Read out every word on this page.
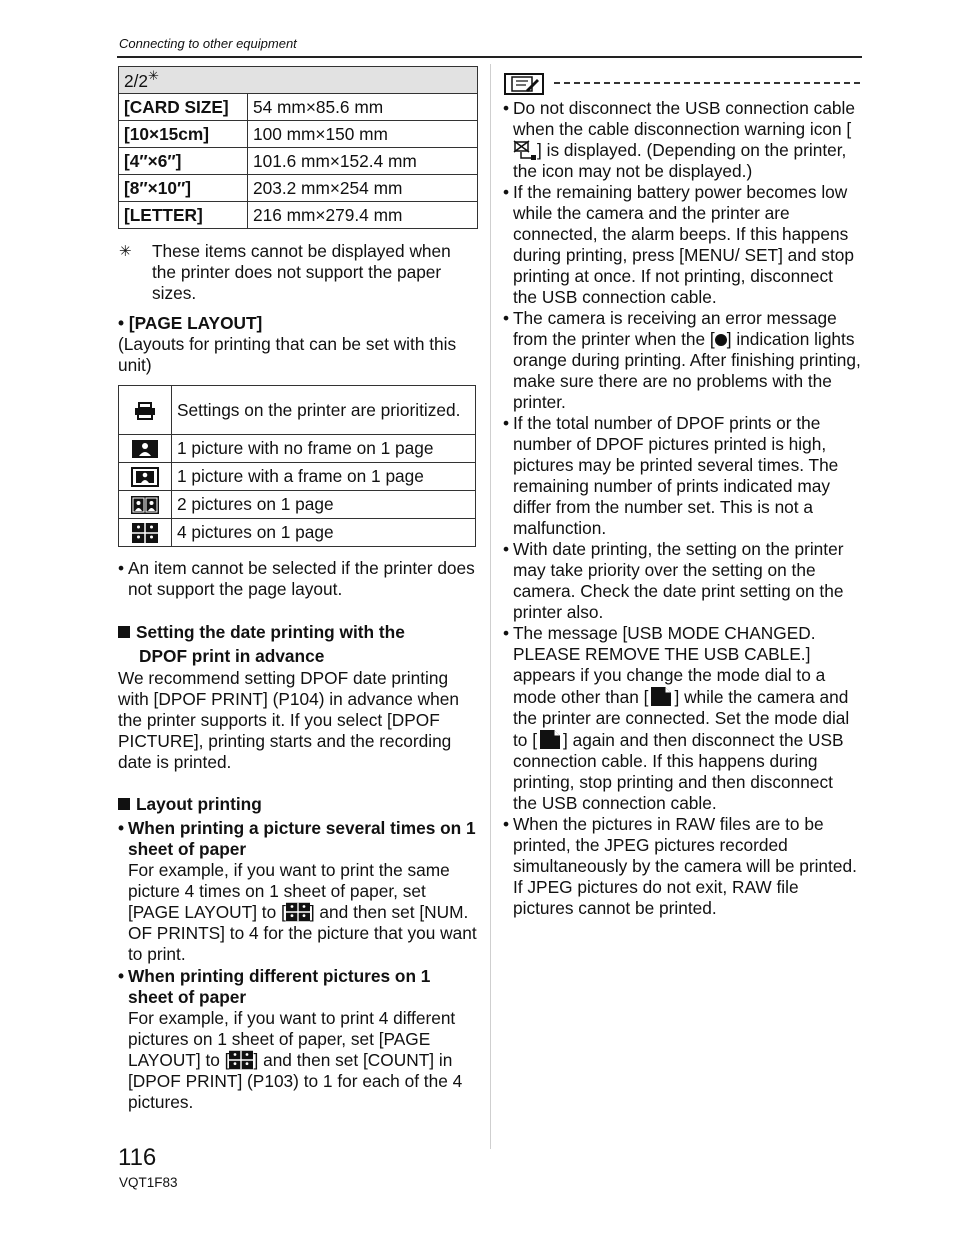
Connecting to other equipment
2/2✳
[CARD SIZE]	54 mm×85.6 mm
[10×15cm]	100 mm×150 mm
[4″×6″]	101.6 mm×152.4 mm
[8″×10″]	203.2 mm×254 mm
[LETTER]	216 mm×279.4 mm
✳ These items cannot be displayed when the printer does not support the paper sizes.
• [PAGE LAYOUT]
(Layouts for printing that can be set with this unit)
	Settings on the printer are prioritized.
	1 picture with no frame on 1 page
	1 picture with a frame on 1 page
	2 pictures on 1 page
	4 pictures on 1 page
• An item cannot be selected if the printer does not support the page layout.
Setting the date printing with the
DPOF print in advance
We recommend setting DPOF date printing with [DPOF PRINT] (P104) in advance when the printer supports it. If you select [DPOF PICTURE], printing starts and the recording date is printed.
Layout printing
• When printing a picture several times on 1 sheet of paper
For example, if you want to print the same picture 4 times on 1 sheet of paper, set [PAGE LAYOUT] to [ ] and then set [NUM. OF PRINTS] to 4 for the picture that you want to print.
• When printing different pictures on 1 sheet of paper
For example, if you want to print 4 different pictures on 1 sheet of paper, set [PAGE LAYOUT] to [ ] and then set [COUNT] in [DPOF PRINT] (P103) to 1 for each of the 4 pictures.
• Do not disconnect the USB connection cable when the cable disconnection warning icon [] is displayed. (Depending on the printer, the icon may not be displayed.)
• If the remaining battery power becomes low while the camera and the printer are connected, the alarm beeps. If this happens during printing, press [MENU/ SET] and stop printing at once. If not printing, disconnect the USB connection cable.
• The camera is receiving an error message from the printer when the [ ] indication lights orange during printing. After finishing printing, make sure there are no problems with the printer.
• If the total number of DPOF prints or the number of DPOF pictures printed is high, pictures may be printed several times. The remaining number of prints indicated may differ from the number set. This is not a malfunction.
• With date printing, the setting on the printer may take priority over the setting on the camera. Check the date print setting on the printer also.
• The message [USB MODE CHANGED. PLEASE REMOVE THE USB CABLE.] appears if you change the mode dial to a mode other than [ ] while the camera and the printer are connected. Set the mode dial to [ ] again and then disconnect the USB connection cable. If this happens during printing, stop printing and then disconnect the USB connection cable.
• When the pictures in RAW files are to be printed, the JPEG pictures recorded simultaneously by the camera will be printed. If JPEG pictures do not exit, RAW file pictures cannot be printed.
116
VQT1F83
